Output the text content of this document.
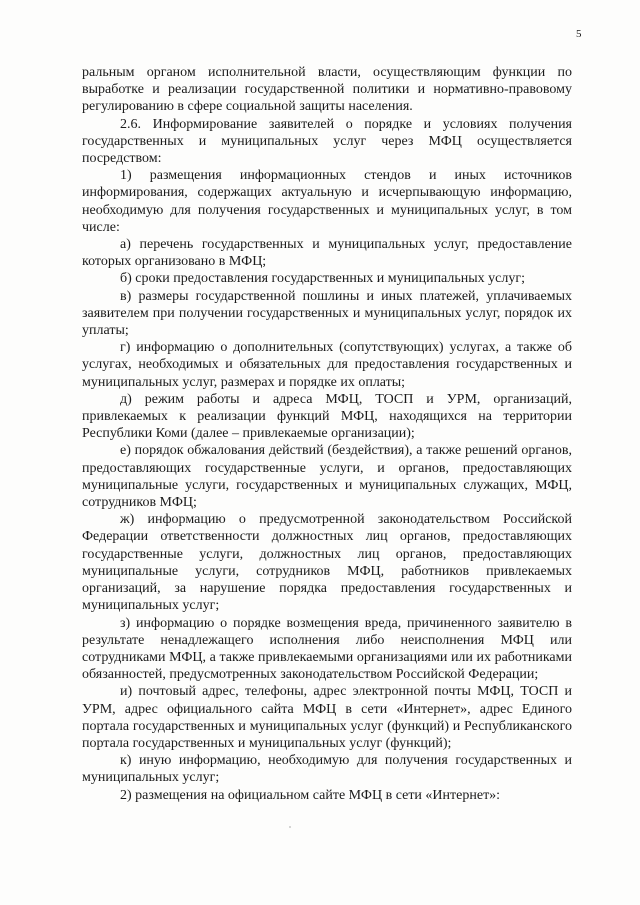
5

ральным органом исполнительной власти, осуществляющим функции по выработке и реализации государственной политики и нормативно-правовому регулированию в сфере социальной защиты населения.

2.6. Информирование заявителей о порядке и условиях получения государственных и муниципальных услуг через МФЦ осуществляется посредством:

1) размещения информационных стендов и иных источников информирования, содержащих актуальную и исчерпывающую информацию, необходимую для получения государственных и муниципальных услуг, в том числе:

а) перечень государственных и муниципальных услуг, предоставление которых организовано в МФЦ;

б) сроки предоставления государственных и муниципальных услуг;

в) размеры государственной пошлины и иных платежей, уплачиваемых заявителем при получении государственных и муниципальных услуг, порядок их уплаты;

г) информацию о дополнительных (сопутствующих) услугах, а также об услугах, необходимых и обязательных для предоставления государственных и муниципальных услуг, размерах и порядке их оплаты;

д) режим работы и адреса МФЦ, ТОСП и УРМ, организаций, привлекаемых к реализации функций МФЦ, находящихся на территории Республики Коми (далее – привлекаемые организации);

е) порядок обжалования действий (бездействия), а также решений органов, предоставляющих государственные услуги, и органов, предоставляющих муниципальные услуги, государственных и муниципальных служащих, МФЦ, сотрудников МФЦ;

ж) информацию о предусмотренной законодательством Российской Федерации ответственности должностных лиц органов, предоставляющих государственные услуги, должностных лиц органов, предоставляющих муниципальные услуги, сотрудников МФЦ, работников привлекаемых организаций, за нарушение порядка предоставления государственных и муниципальных услуг;

з) информацию о порядке возмещения вреда, причиненного заявителю в результате ненадлежащего исполнения либо неисполнения МФЦ или сотрудниками МФЦ, а также привлекаемыми организациями или их работниками обязанностей, предусмотренных законодательством Российской Федерации;

и) почтовый адрес, телефоны, адрес электронной почты МФЦ, ТОСП и УРМ, адрес официального сайта МФЦ в сети «Интернет», адрес Единого портала государственных и муниципальных услуг (функций) и Республиканского портала государственных и муниципальных услуг (функций);

к) иную информацию, необходимую для получения государственных и муниципальных услуг;

2) размещения на официальном сайте МФЦ в сети «Интернет»:
